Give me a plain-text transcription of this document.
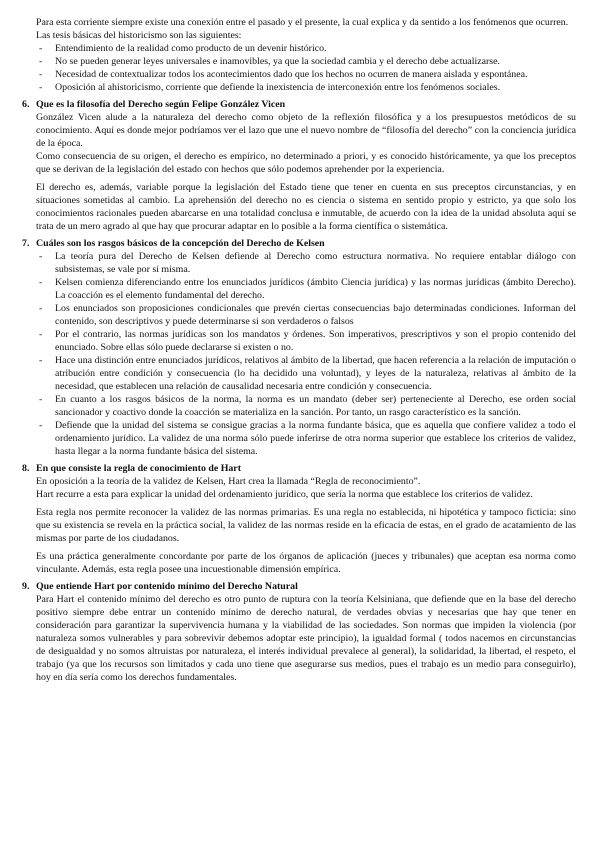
Para esta corriente siempre existe una conexión entre el pasado y el presente, la cual explica y da sentido a los fenómenos que ocurren.

Las tesis básicas del historicismo son las siguientes:

- Entendimiento de la realidad como producto de un devenir histórico.
- No se pueden generar leyes universales e inamovibles, ya que la sociedad cambia y el derecho debe actualizarse.
- Necesidad de contextualizar todos los acontecimientos dado que los hechos no ocurren de manera aislada y espontánea.
- Oposición al ahistoricismo, corriente que defiende la inexistencia de interconexión entre los fenómenos sociales.

6. Que es la filosofía del Derecho según Felipe González Vicen

González Vicen alude a la naturaleza del derecho como objeto de la reflexión filosófica y a los presupuestos metódicos de su conocimiento. Aquí es donde mejor podríamos ver el lazo que une el nuevo nombre de “filosofía del derecho” con la conciencia jurídica de la época.

Como consecuencia de su origen, el derecho es empírico, no determinado a priori, y es conocido históricamente, ya que los preceptos que se derivan de la legislación del estado con hechos que sólo podemos aprehender por la experiencia.

El derecho es, además, variable porque la legislación del Estado tiene que tener en cuenta en sus preceptos circunstancias, y en situaciones sometidas al cambio. La aprehensión del derecho no es ciencia o sistema en sentido propio y estricto, ya que solo los conocimientos racionales pueden abarcarse en una totalidad conclusa e inmutable, de acuerdo con la idea de la unidad absoluta aquí se trata de un mero agrado al que hay que procurar adaptar en lo posible a la forma científica o sistemática.

7. Cuáles son los rasgos básicos de la concepción del Derecho de Kelsen

- La teoría pura del Derecho de Kelsen defiende al Derecho como estructura normativa. No requiere entablar diálogo con subsistemas, se vale por sí misma.
- Kelsen comienza diferenciando entre los enunciados jurídicos (ámbito Ciencia jurídica) y las normas jurídicas (ámbito Derecho). La coacción es el elemento fundamental del derecho.
- Los enunciados son proposiciones condicionales que prevén ciertas consecuencias bajo determinadas condiciones. Informan del contenido, son descriptivos y puede determinarse si son verdaderos o falsos
- Por el contrario, las normas jurídicas son los mandatos y órdenes. Son imperativos, prescriptivos y son el propio contenido del enunciado. Sobre ellas sólo puede declararse si existen o no.
- Hace una distinción entre enunciados jurídicos, relativos al ámbito de la libertad, que hacen referencia a la relación de imputación o atribución entre condición y consecuencia (lo ha decidido una voluntad), y leyes de la naturaleza, relativas al ámbito de la necesidad, que establecen una relación de causalidad necesaria entre condición y consecuencia.
- En cuanto a los rasgos básicos de la norma, la norma es un mandato (deber ser) perteneciente al Derecho, ese orden social sancionador y coactivo donde la coacción se materializa en la sanción. Por tanto, un rasgo característico es la sanción.
- Defiende que la unidad del sistema se consigue gracias a la norma fundante básica, que es aquella que confiere validez a todo el ordenamiento jurídico. La validez de una norma sólo puede inferirse de otra norma superior que establece los criterios de validez, hasta llegar a la norma fundante básica del sistema.

8. En que consiste la regla de conocimiento de Hart

En oposición a la teoría de la validez de Kelsen, Hart crea la llamada “Regla de reconocimiento”.

Hart recurre a esta para explicar la unidad del ordenamiento jurídico, que sería la norma que establece los criterios de validez.

Esta regla nos permite reconocer la validez de las normas primarias. Es una regla no establecida, ni hipotética y tampoco ficticia: sino que su existencia se revela en la práctica social, la validez de las normas reside en la eficacia de estas, en el grado de acatamiento de las mismas por parte de los ciudadanos.

Es una práctica generalmente concordante por parte de los órganos de aplicación (jueces y tribunales) que aceptan esa norma como vinculante. Además, esta regla posee una incuestionable dimensión empírica.

9. Que entiende Hart por contenido mínimo del Derecho Natural

Para Hart el contenido mínimo del derecho es otro punto de ruptura con la teoría Kelsiniana, que defiende que en la base del derecho positivo siempre debe entrar un contenido mínimo de derecho natural, de verdades obvias y necesarias que hay que tener en consideración para garantizar la supervivencia humana y la viabilidad de las sociedades. Son normas que impiden la violencia (por naturaleza somos vulnerables y para sobrevivir debemos adoptar este principio), la igualdad formal ( todos nacemos en circunstancias de desigualdad y no somos altruistas por naturaleza, el interés individual prevalece al general), la solidaridad, la libertad, el respeto, el trabajo (ya que los recursos son limitados y cada uno tiene que asegurarse sus medios, pues el trabajo es un medio para conseguirlo), hoy en día sería como los derechos fundamentales.
